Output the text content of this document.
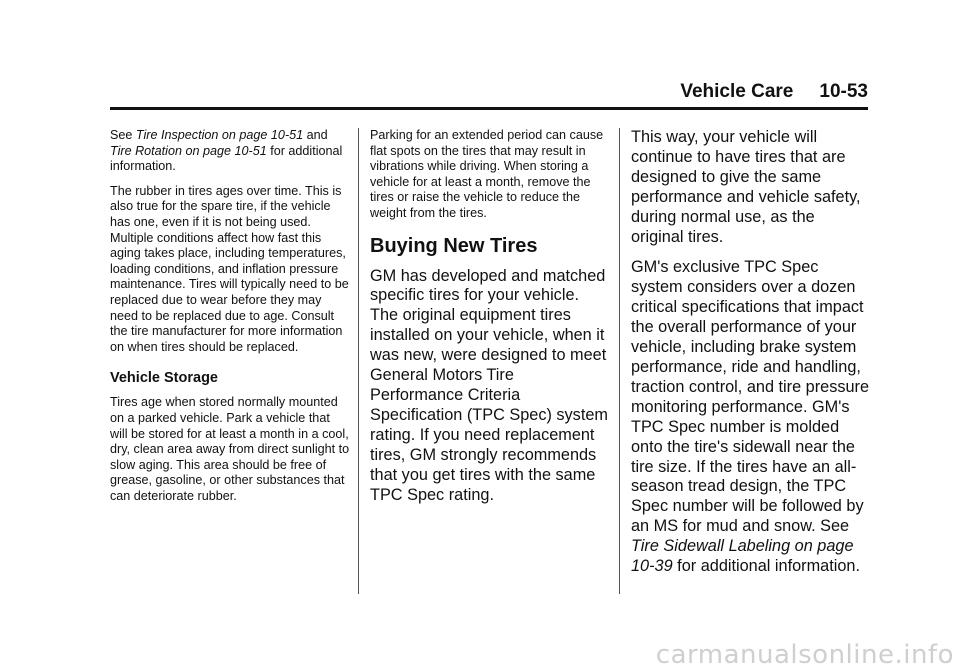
Vehicle Care 10-53

See Tire Inspection on page 10-51 and Tire Rotation on page 10-51 for additional information.

The rubber in tires ages over time. This is also true for the spare tire, if the vehicle has one, even if it is not being used. Multiple conditions affect how fast this aging takes place, including temperatures, loading conditions, and inflation pressure maintenance. Tires will typically need to be replaced due to wear before they may need to be replaced due to age. Consult the tire manufacturer for more information on when tires should be replaced.

Vehicle Storage

Tires age when stored normally mounted on a parked vehicle. Park a vehicle that will be stored for at least a month in a cool, dry, clean area away from direct sunlight to slow aging. This area should be free of grease, gasoline, or other substances that can deteriorate rubber.

Parking for an extended period can cause flat spots on the tires that may result in vibrations while driving. When storing a vehicle for at least a month, remove the tires or raise the vehicle to reduce the weight from the tires.

Buying New Tires

GM has developed and matched specific tires for your vehicle. The original equipment tires installed on your vehicle, when it was new, were designed to meet General Motors Tire Performance Criteria Specification (TPC Spec) system rating. If you need replacement tires, GM strongly recommends that you get tires with the same TPC Spec rating.

This way, your vehicle will continue to have tires that are designed to give the same performance and vehicle safety, during normal use, as the original tires.

GM's exclusive TPC Spec system considers over a dozen critical specifications that impact the overall performance of your vehicle, including brake system performance, ride and handling, traction control, and tire pressure monitoring performance. GM's TPC Spec number is molded onto the tire's sidewall near the tire size. If the tires have an all-season tread design, the TPC Spec number will be followed by an MS for mud and snow. See Tire Sidewall Labeling on page 10-39 for additional information.

carmanualsonline.info
